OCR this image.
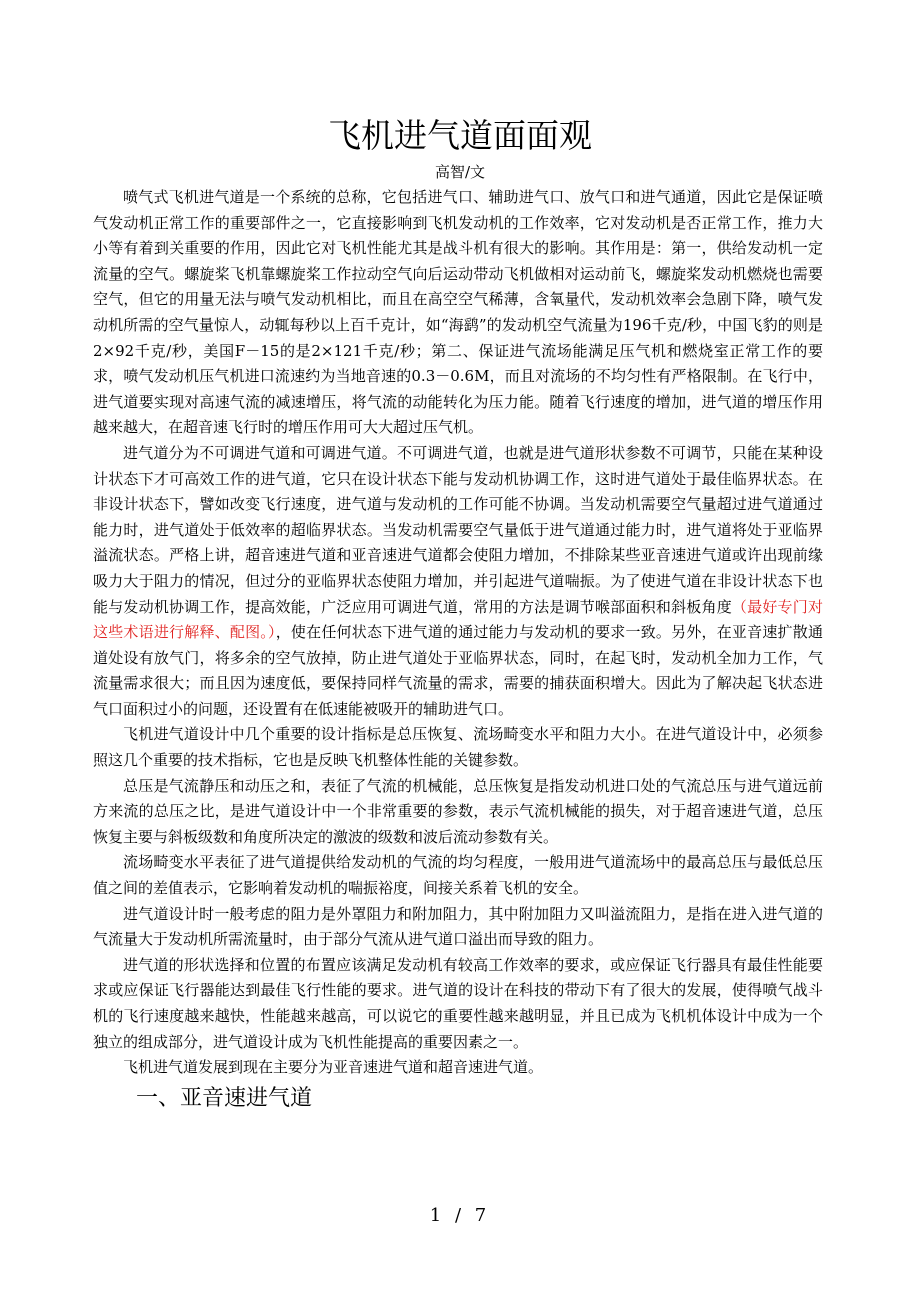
飞机进气道面面观
高智/文

喷气式飞机进气道是一个系统的总称，它包括进气口、辅助进气口、放气口和进气通道，因此它是保证喷气发动机正常工作的重要部件之一，它直接影响到飞机发动机的工作效率，它对发动机是否正常工作，推力大小等有着到关重要的作用，因此它对飞机性能尤其是战斗机有很大的影响。其作用是：第一，供给发动机一定流量的空气。螺旋桨飞机靠螺旋桨工作拉动空气向后运动带动飞机做相对运动前飞，螺旋桨发动机燃烧也需要空气，但它的用量无法与喷气发动机相比，而且在高空空气稀薄，含氧量代，发动机效率会急剧下降，喷气发动机所需的空气量惊人，动辄每秒以上百千克计，如“海鹞”的发动机空气流量为196千克/秒，中国飞豹的则是2×92千克/秒，美国F－15的是2×121千克/秒；第二、保证进气流场能满足压气机和燃烧室正常工作的要求，喷气发动机压气机进口流速约为当地音速的0.3－0.6M，而且对流场的不均匀性有严格限制。在飞行中，进气道要实现对高速气流的减速增压，将气流的动能转化为压力能。随着飞行速度的增加，进气道的增压作用越来越大，在超音速飞行时的增压作用可大大超过压气机。

进气道分为不可调进气道和可调进气道。不可调进气道，也就是进气道形状参数不可调节，只能在某种设计状态下才可高效工作的进气道，它只在设计状态下能与发动机协调工作，这时进气道处于最佳临界状态。在非设计状态下，譬如改变飞行速度，进气道与发动机的工作可能不协调。当发动机需要空气量超过进气道通过能力时，进气道处于低效率的超临界状态。当发动机需要空气量低于进气道通过能力时，进气道将处于亚临界溢流状态。严格上讲，超音速进气道和亚音速进气道都会使阻力增加，不排除某些亚音速进气道或许出现前缘吸力大于阻力的情况，但过分的亚临界状态使阻力增加，并引起进气道喘振。为了使进气道在非设计状态下也能与发动机协调工作，提高效能，广泛应用可调进气道，常用的方法是调节喉部面积和斜板角度（最好专门对这些术语进行解释、配图。），使在任何状态下进气道的通过能力与发动机的要求一致。另外，在亚音速扩散通道处设有放气门，将多余的空气放掉，防止进气道处于亚临界状态，同时，在起飞时，发动机全加力工作，气流量需求很大；而且因为速度低，要保持同样气流量的需求，需要的捕获面积增大。因此为了解决起飞状态进气口面积过小的问题，还设置有在低速能被吸开的辅助进气口。

飞机进气道设计中几个重要的设计指标是总压恢复、流场畸变水平和阻力大小。在进气道设计中，必须参照这几个重要的技术指标，它也是反映飞机整体性能的关键参数。

总压是气流静压和动压之和，表征了气流的机械能，总压恢复是指发动机进口处的气流总压与进气道远前方来流的总压之比，是进气道设计中一个非常重要的参数，表示气流机械能的损失，对于超音速进气道，总压恢复主要与斜板级数和角度所决定的激波的级数和波后流动参数有关。

流场畸变水平表征了进气道提供给发动机的气流的均匀程度，一般用进气道流场中的最高总压与最低总压值之间的差值表示，它影响着发动机的喘振裕度，间接关系着飞机的安全。

进气道设计时一般考虑的阻力是外罩阻力和附加阻力，其中附加阻力又叫溢流阻力，是指在进入进气道的气流量大于发动机所需流量时，由于部分气流从进气道口溢出而导致的阻力。

进气道的形状选择和位置的布置应该满足发动机有较高工作效率的要求，或应保证飞行器具有最佳性能要求或应保证飞行器能达到最佳飞行性能的要求。进气道的设计在科技的带动下有了很大的发展，使得喷气战斗机的飞行速度越来越快，性能越来越高，可以说它的重要性越来越明显，并且已成为飞机机体设计中成为一个独立的组成部分，进气道设计成为飞机性能提高的重要因素之一。

飞机进气道发展到现在主要分为亚音速进气道和超音速进气道。

一、亚音速进气道
1 / 7
